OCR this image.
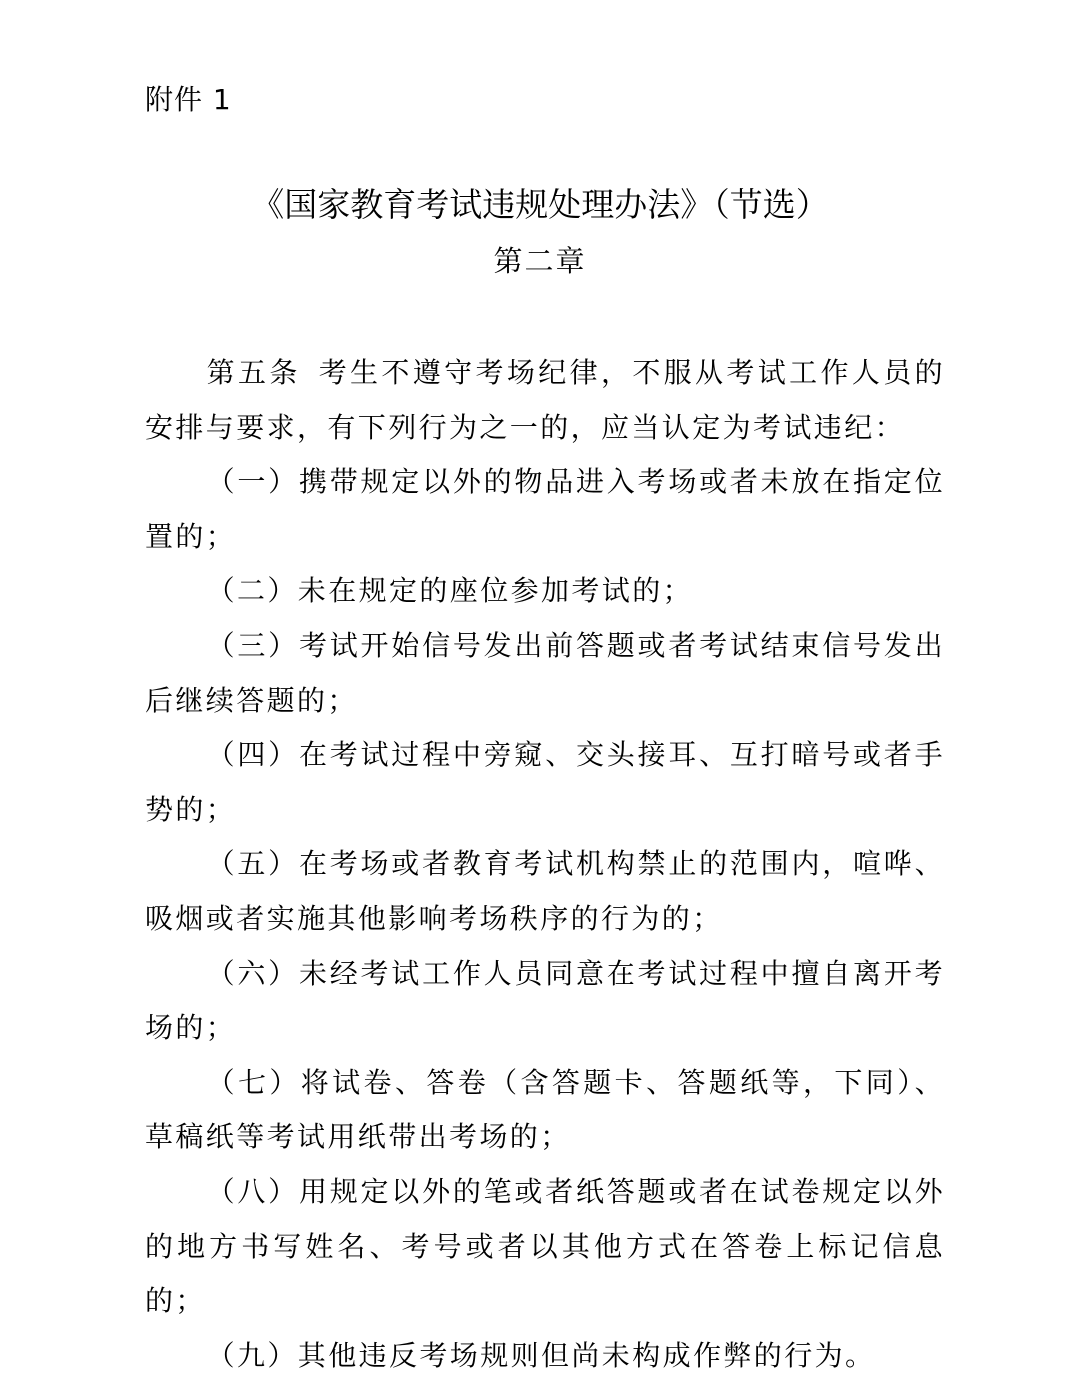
附件 1
《国家教育考试违规处理办法》（节选）
第二章

第五条 考生不遵守考场纪律，不服从考试工作人员的安排与要求，有下列行为之一的，应当认定为考试违纪：

（一）携带规定以外的物品进入考场或者未放在指定位置的；

（二）未在规定的座位参加考试的；

（三）考试开始信号发出前答题或者考试结束信号发出后继续答题的；

（四）在考试过程中旁窥、交头接耳、互打暗号或者手势的；

（五）在考场或者教育考试机构禁止的范围内，喧哗、吸烟或者实施其他影响考场秩序的行为的；

（六）未经考试工作人员同意在考试过程中擅自离开考场的；

（七）将试卷、答卷（含答题卡、答题纸等，下同）、草稿纸等考试用纸带出考场的；

（八）用规定以外的笔或者纸答题或者在试卷规定以外的地方书写姓名、考号或者以其他方式在答卷上标记信息的；

（九）其他违反考场规则但尚未构成作弊的行为。
